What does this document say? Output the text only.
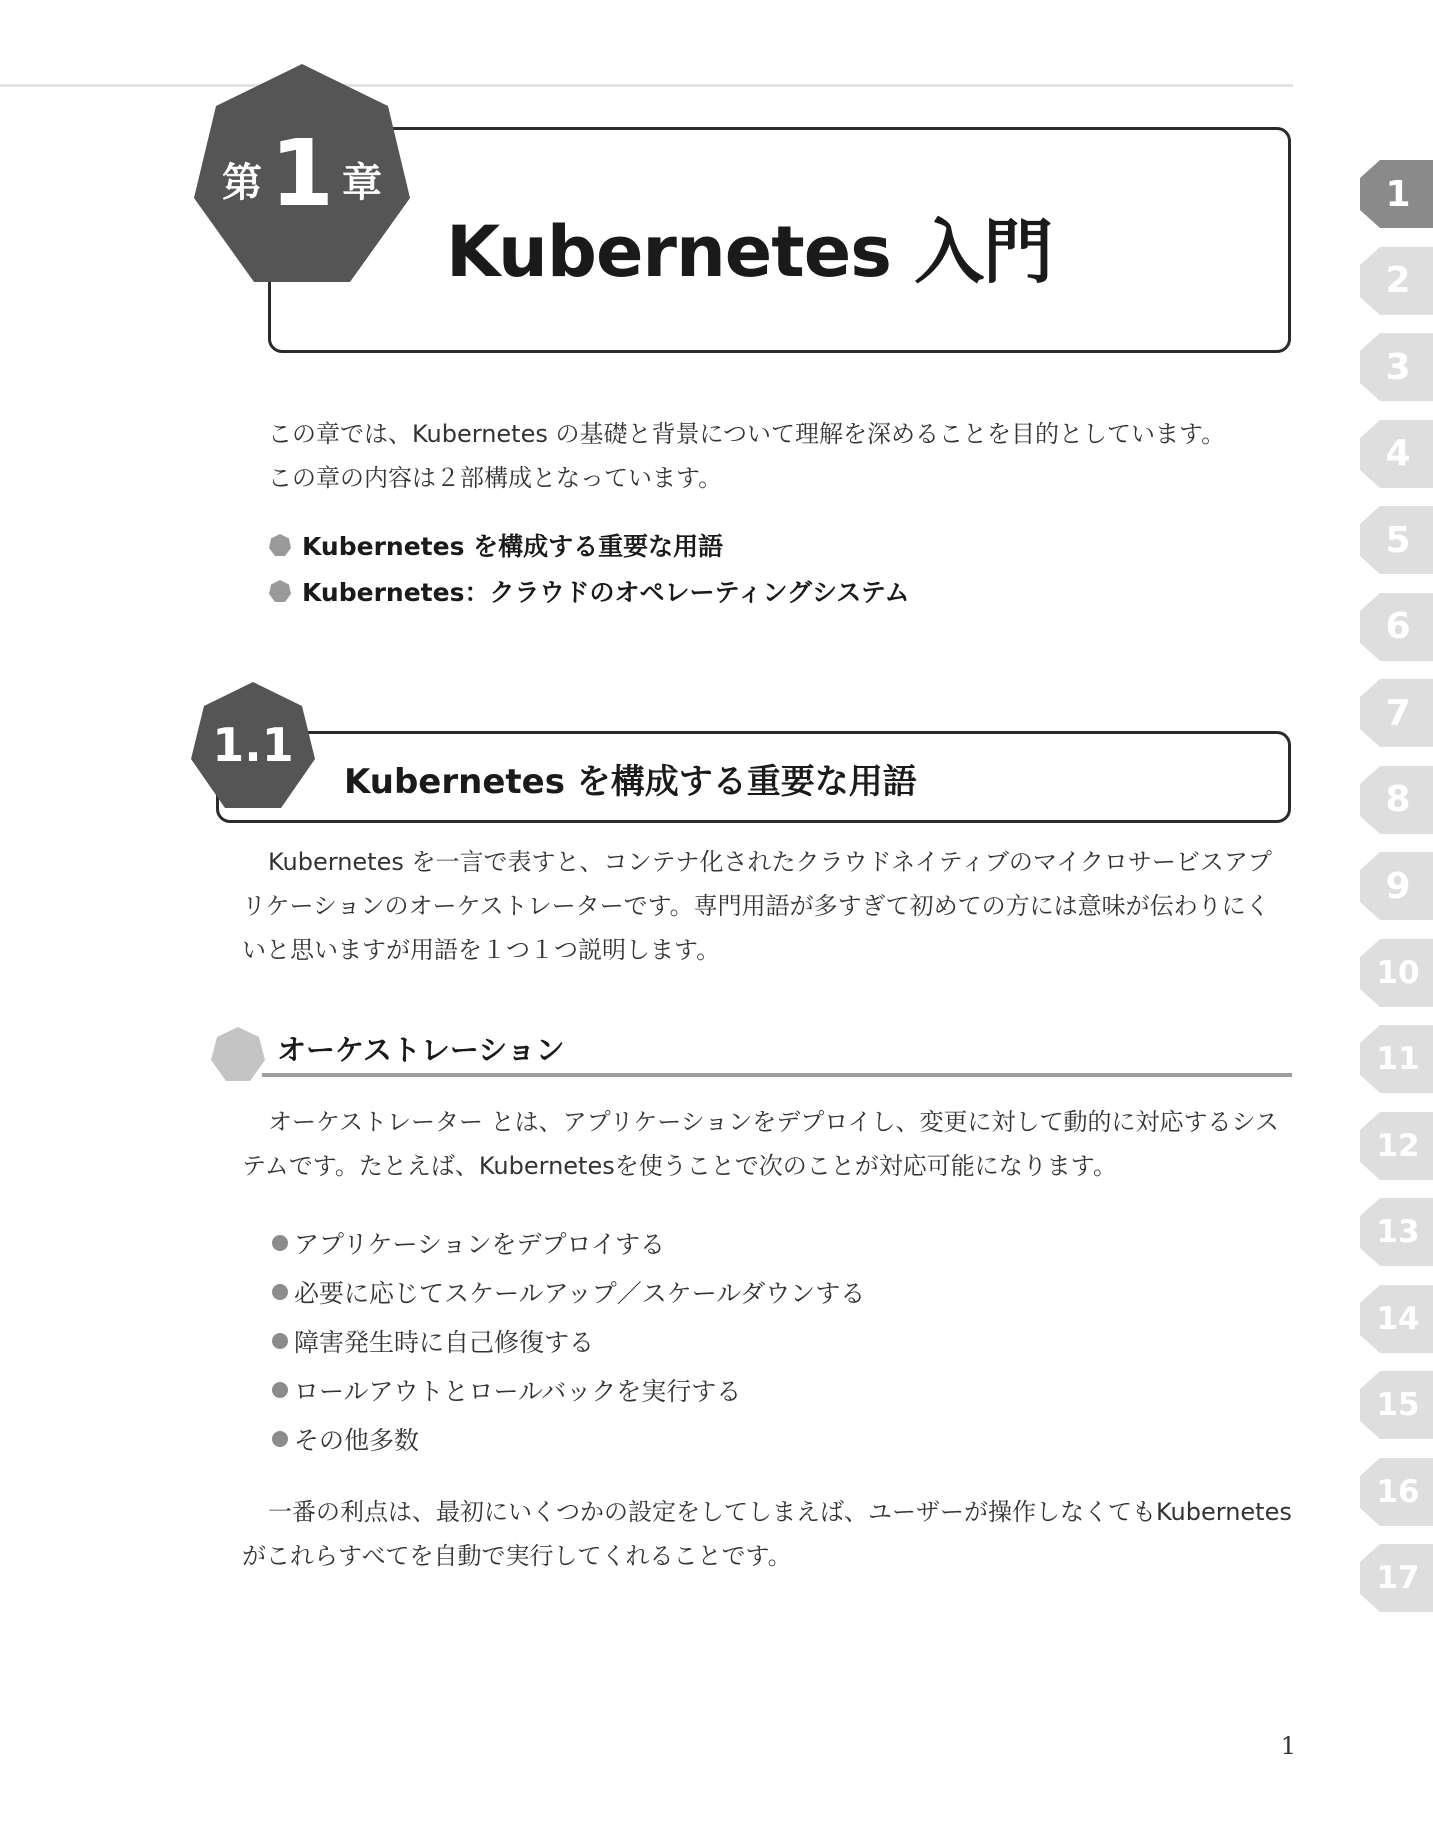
第 1 章
Kubernetes 入門

この章では、Kubernetes の基礎と背景について理解を深めることを目的としています。

この章の内容は２部構成となっています。

Kubernetes を構成する重要な用語
Kubernetes：クラウドのオペレーティングシステム
1.1
Kubernetes を構成する重要な用語

Kubernetes を一言で表すと、コンテナ化されたクラウドネイティブのマイクロサービスアプリケーションのオーケストレーターです。専門用語が多すぎて初めての方には意味が伝わりにくいと思いますが用語を１つ１つ説明します。

オーケストレーション

オーケストレーター とは、アプリケーションをデプロイし、変更に対して動的に対応するシステムです。たとえば、Kubernetesを使うことで次のことが対応可能になります。

アプリケーションをデプロイする
必要に応じてスケールアップ／スケールダウンする
障害発生時に自己修復する
ロールアウトとロールバックを実行する
その他多数

一番の利点は、最初にいくつかの設定をしてしまえば、ユーザーが操作しなくてもKubernetesがこれらすべてを自動で実行してくれることです。

1
1
2
3
4
5
6
7
8
9
10
11
12
13
14
15
16
17
